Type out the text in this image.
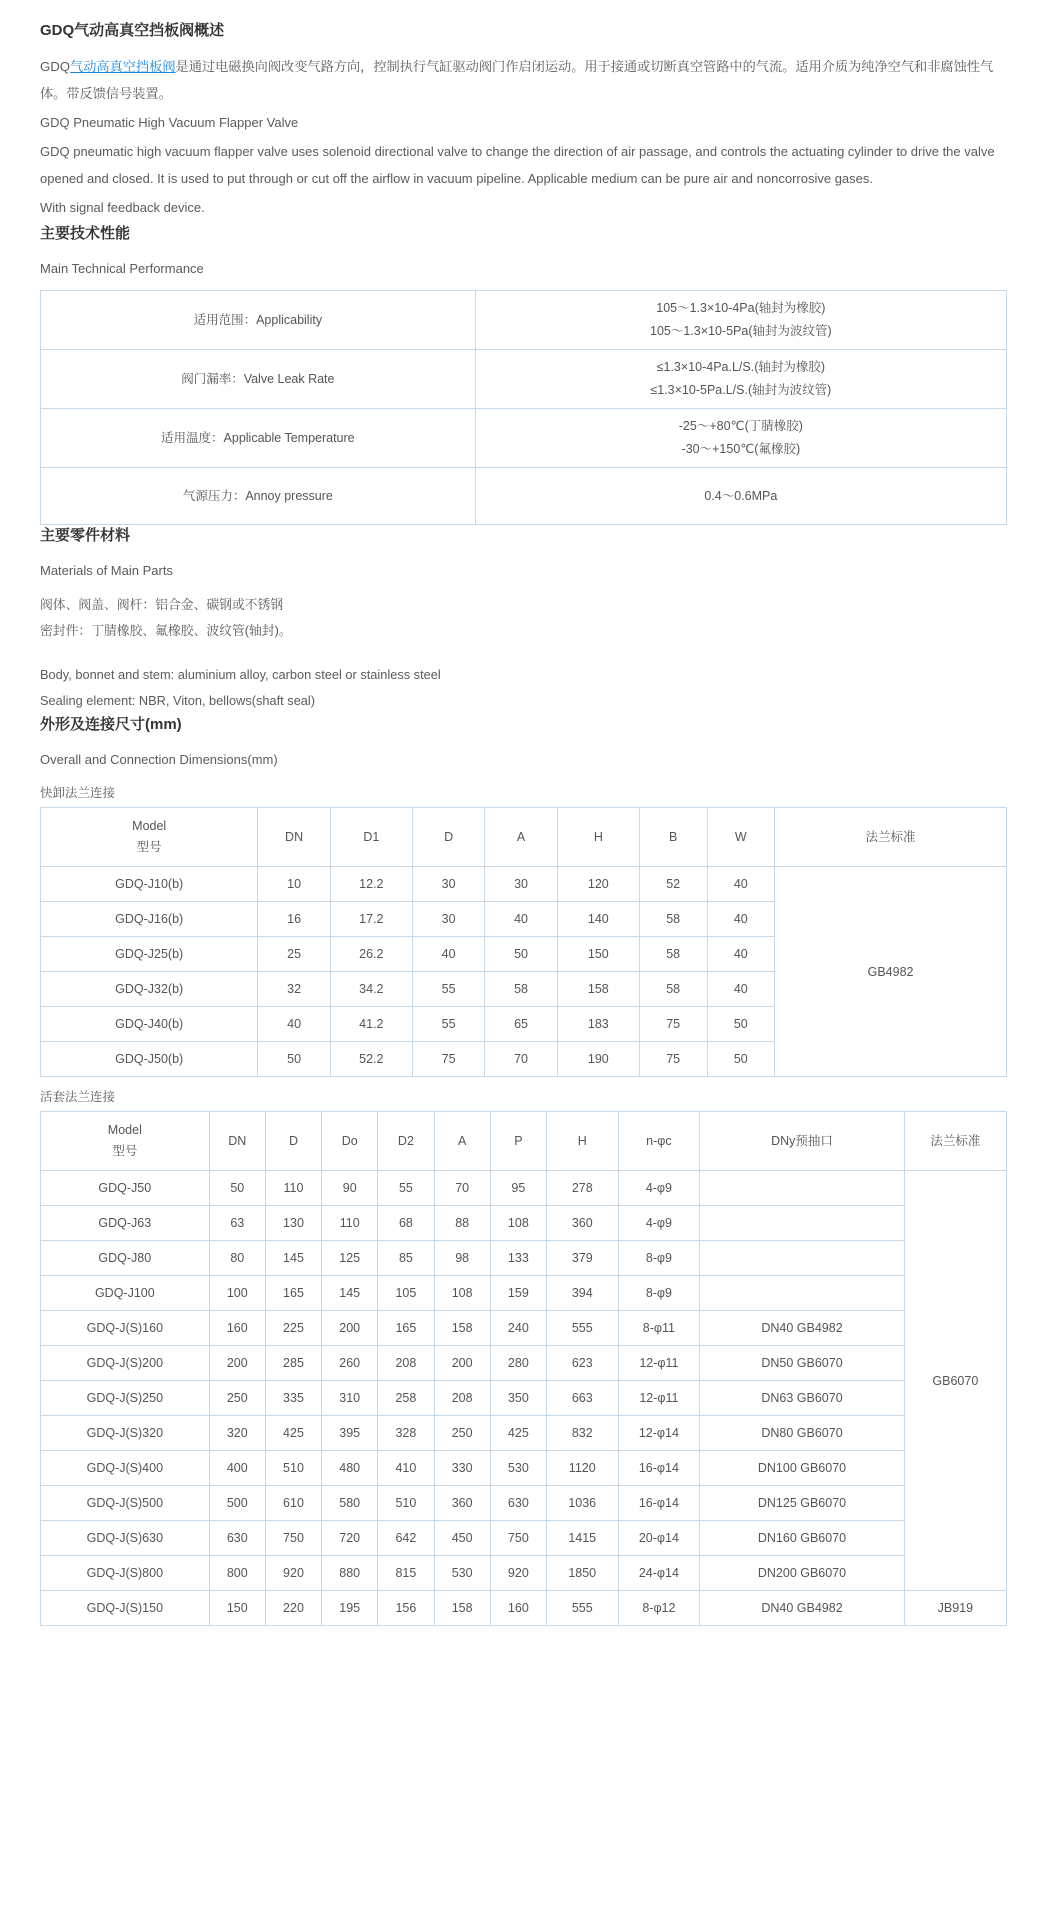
GDQ气动高真空挡板阀概述

GDQ气动高真空挡板阀是通过电磁换向阀改变气路方向，控制执行气缸驱动阀门作启闭运动。用于接通或切断真空管路中的气流。适用介质为纯净空气和非腐蚀性气体。带反馈信号装置。

GDQ Pneumatic High Vacuum Flapper Valve

GDQ pneumatic high vacuum flapper valve uses solenoid directional valve to change the direction of air passage, and controls the actuating cylinder to drive the valve opened and closed. It is used to put through or cut off the airflow in vacuum pipeline. Applicable medium can be pure air and noncorrosive gases.

With signal feedback device.

主要技术性能
Main Technical Performance
适用范围：Applicability	105～1.3×10-4Pa(轴封为橡胶)
105～1.3×10-5Pa(轴封为波纹管)

阀门漏率：Valve Leak Rate	≤1.3×10-4Pa.L/S.(轴封为橡胶)
≤1.3×10-5Pa.L/S.(轴封为波纹管)

适用温度：Applicable Temperature	-25～+80℃(丁腈橡胶)
-30～+150℃(氟橡胶)

气源压力：Annoy pressure	0.4～0.6MPa
主要零件材料
Materials of Main Parts

阀体、阀盖、阀杆：铝合金、碳钢或不锈钢

密封件：丁腈橡胶、氟橡胶、波纹管(轴封)。

Body, bonnet and stem: aluminium alloy, carbon steel or stainless steel

Sealing element: NBR, Viton, bellows(shaft seal)

外形及连接尺寸(mm)
Overall and Connection Dimensions(mm)
快卸法兰连接
Model
型号	DN	D1	D	A	H	B	W	法兰标准
GDQ-J10(b)	10	12.2	30	30	120	52	40	GB4982
GDQ-J16(b)	16	17.2	30	40	140	58	40	
GDQ-J25(b)	25	26.2	40	50	150	58	40	
GDQ-J32(b)	32	34.2	55	58	158	58	40	
GDQ-J40(b)	40	41.2	55	65	183	75	50	
GDQ-J50(b)	50	52.2	75	70	190	75	50	
活套法兰连接
Model
型号	DN	D	Do	D2	A	P	H	n-φc	DNy预抽口	法兰标准
GDQ-J50	50	110	90	55	70	95	278	4-φ9		GB6070
GDQ-J63	63	130	110	68	88	108	360	4-φ9		
GDQ-J80	80	145	125	85	98	133	379	8-φ9		
GDQ-J100	100	165	145	105	108	159	394	8-φ9		
GDQ-J(S)160	160	225	200	165	158	240	555	8-φ11	DN40 GB4982	
GDQ-J(S)200	200	285	260	208	200	280	623	12-φ11	DN50 GB6070	
GDQ-J(S)250	250	335	310	258	208	350	663	12-φ11	DN63 GB6070	
GDQ-J(S)320	320	425	395	328	250	425	832	12-φ14	DN80 GB6070	
GDQ-J(S)400	400	510	480	410	330	530	1120	16-φ14	DN100 GB6070	
GDQ-J(S)500	500	610	580	510	360	630	1036	16-φ14	DN125 GB6070	
GDQ-J(S)630	630	750	720	642	450	750	1415	20-φ14	DN160 GB6070	
GDQ-J(S)800	800	920	880	815	530	920	1850	24-φ14	DN200 GB6070	
GDQ-J(S)150	150	220	195	156	158	160	555	8-φ12	DN40 GB4982	JB919
